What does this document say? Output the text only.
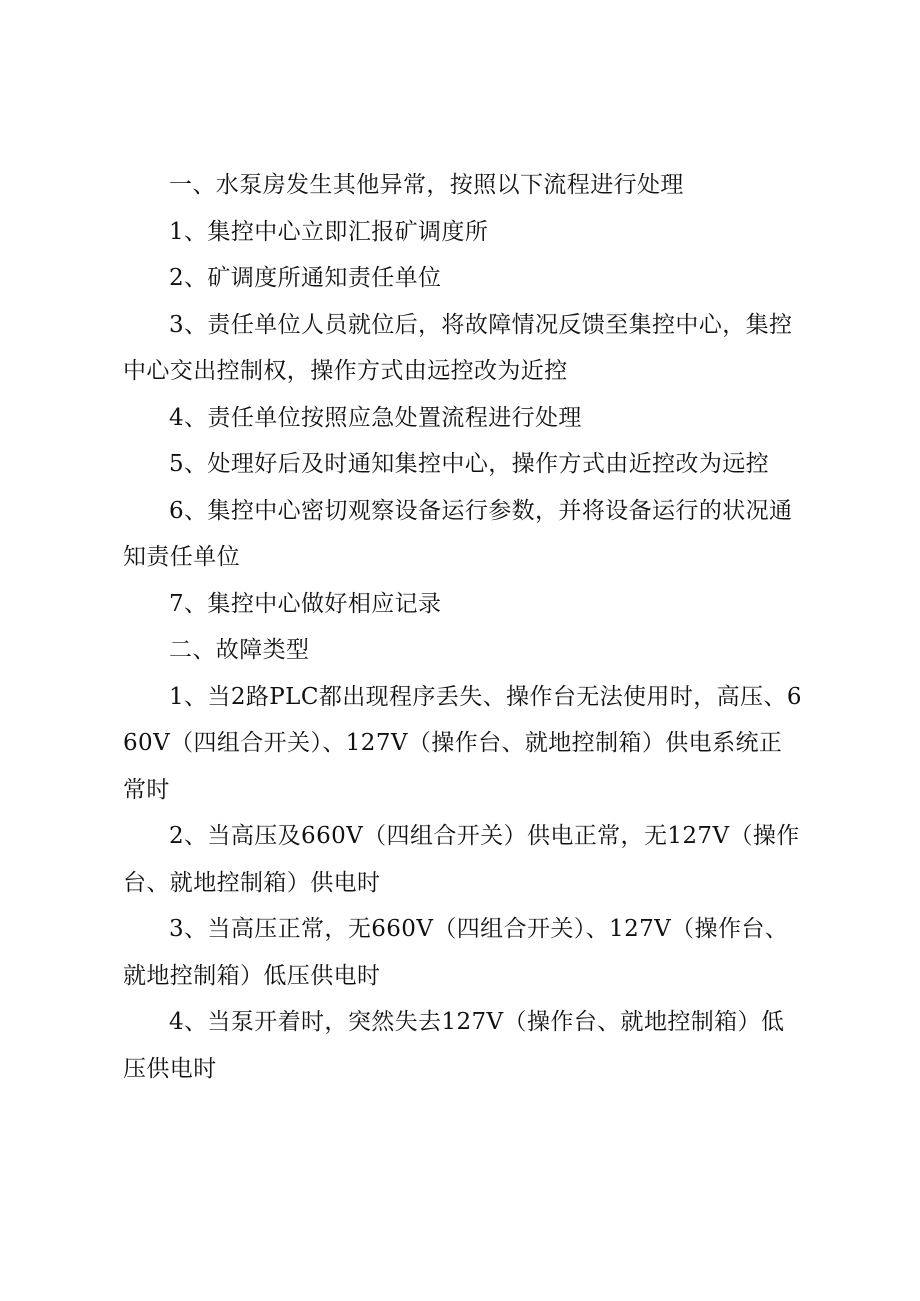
一、水泵房发生其他异常，按照以下流程进行处理

1、集控中心立即汇报矿调度所

2、矿调度所通知责任单位

3、责任单位人员就位后，将故障情况反馈至集控中心，集控中心交出控制权，操作方式由远控改为近控

4、责任单位按照应急处置流程进行处理

5、处理好后及时通知集控中心，操作方式由近控改为远控

6、集控中心密切观察设备运行参数，并将设备运行的状况通知责任单位

7、集控中心做好相应记录

二、故障类型

1、当2路PLC都出现程序丢失、操作台无法使用时，高压、660V（四组合开关）、127V（操作台、就地控制箱）供电系统正常时

2、当高压及660V（四组合开关）供电正常，无127V（操作台、就地控制箱）供电时

3、当高压正常，无660V（四组合开关）、127V（操作台、就地控制箱）低压供电时

4、当泵开着时，突然失去127V（操作台、就地控制箱）低压供电时
